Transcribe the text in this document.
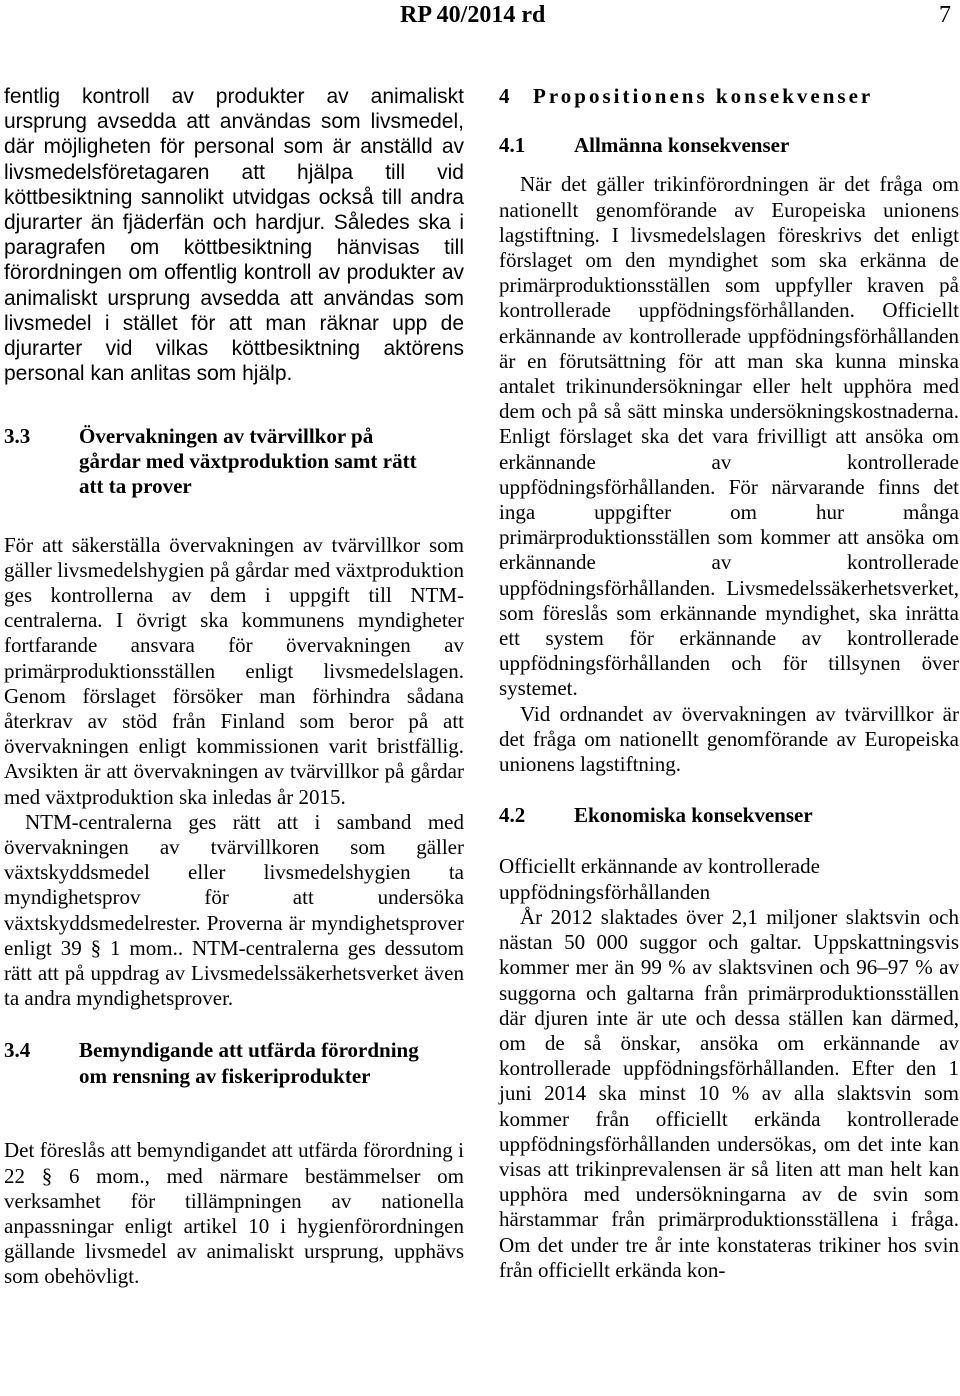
RP 40/2014 rd	7

fentlig kontroll av produkter av animaliskt ursprung avsedda att användas som livsmedel, där möjligheten för personal som är anställd av livsmedelsföretagaren att hjälpa till vid köttbesiktning sannolikt utvidgas också till andra djurarter än fjäderfän och hardjur. Således ska i paragrafen om köttbesiktning hänvisas till förordningen om offentlig kontroll av produkter av animaliskt ursprung avsedda att användas som livsmedel i stället för att man räknar upp de djurarter vid vilkas köttbesiktning aktörens personal kan anlitas som hjälp.

3.3	Övervakningen av tvärvillkor på gårdar med växtproduktion samt rätt att ta prover

För att säkerställa övervakningen av tvärvillkor som gäller livsmedelshygien på gårdar med växtproduktion ges kontrollerna av dem i uppgift till NTM-centralerna. I övrigt ska kommunens myndigheter fortfarande ansvara för övervakningen av primärproduktionsställen enligt livsmedelslagen. Genom förslaget försöker man förhindra sådana återkrav av stöd från Finland som beror på att övervakningen enligt kommissionen varit bristfällig. Avsikten är att övervakningen av tvärvillkor på gårdar med växtproduktion ska inledas år 2015.

NTM-centralerna ges rätt att i samband med övervakningen av tvärvillkoren som gäller växtskyddsmedel eller livsmedelshygien ta myndighetsprov för att undersöka växtskyddsmedelrester. Proverna är myndighetsprover enligt 39 § 1 mom.. NTM-centralerna ges dessutom rätt att på uppdrag av Livsmedelssäkerhetsverket även ta andra myndighetsprover.

3.4	Bemyndigande att utfärda förordning om rensning av fiskeriprodukter

Det föreslås att bemyndigandet att utfärda förordning i 22 § 6 mom., med närmare bestämmelser om verksamhet för tillämpningen av nationella anpassningar enligt artikel 10 i hygienförordningen gällande livsmedel av animaliskt ursprung, upphävs som obehövligt.

4 Propositionens konsekvenser
4.1	Allmänna konsekvenser

När det gäller trikinförordningen är det fråga om nationellt genomförande av Europeiska unionens lagstiftning. I livsmedelslagen föreskrivs det enligt förslaget om den myndighet som ska erkänna de primärproduktionsställen som uppfyller kraven på kontrollerade uppfödningsförhållanden. Officiellt erkännande av kontrollerade uppfödningsförhållanden är en förutsättning för att man ska kunna minska antalet trikinundersökningar eller helt upphöra med dem och på så sätt minska undersökningskostnaderna. Enligt förslaget ska det vara frivilligt att ansöka om erkännande av kontrollerade uppfödningsförhållanden. För närvarande finns det inga uppgifter om hur många primärproduktionsställen som kommer att ansöka om erkännande av kontrollerade uppfödningsförhållanden. Livsmedelssäkerhetsverket, som föreslås som erkännande myndighet, ska inrätta ett system för erkännande av kontrollerade uppfödningsförhållanden och för tillsynen över systemet.

Vid ordnandet av övervakningen av tvärvillkor är det fråga om nationellt genomförande av Europeiska unionens lagstiftning.

4.2	Ekonomiska konsekvenser

Officiellt erkännande av kontrollerade uppfödningsförhållanden

År 2012 slaktades över 2,1 miljoner slaktsvin och nästan 50 000 suggor och galtar. Uppskattningsvis kommer mer än 99 % av slaktsvinen och 96–97 % av suggorna och galtarna från primärproduktionsställen där djuren inte är ute och dessa ställen kan därmed, om de så önskar, ansöka om erkännande av kontrollerade uppfödningsförhållanden. Efter den 1 juni 2014 ska minst 10 % av alla slaktsvin som kommer från officiellt erkända kontrollerade uppfödningsförhållanden undersökas, om det inte kan visas att trikinprevalensen är så liten att man helt kan upphöra med undersökningarna av de svin som härstammar från primärproduktionsställena i fråga. Om det under tre år inte konstateras trikiner hos svin från officiellt erkända kon-
